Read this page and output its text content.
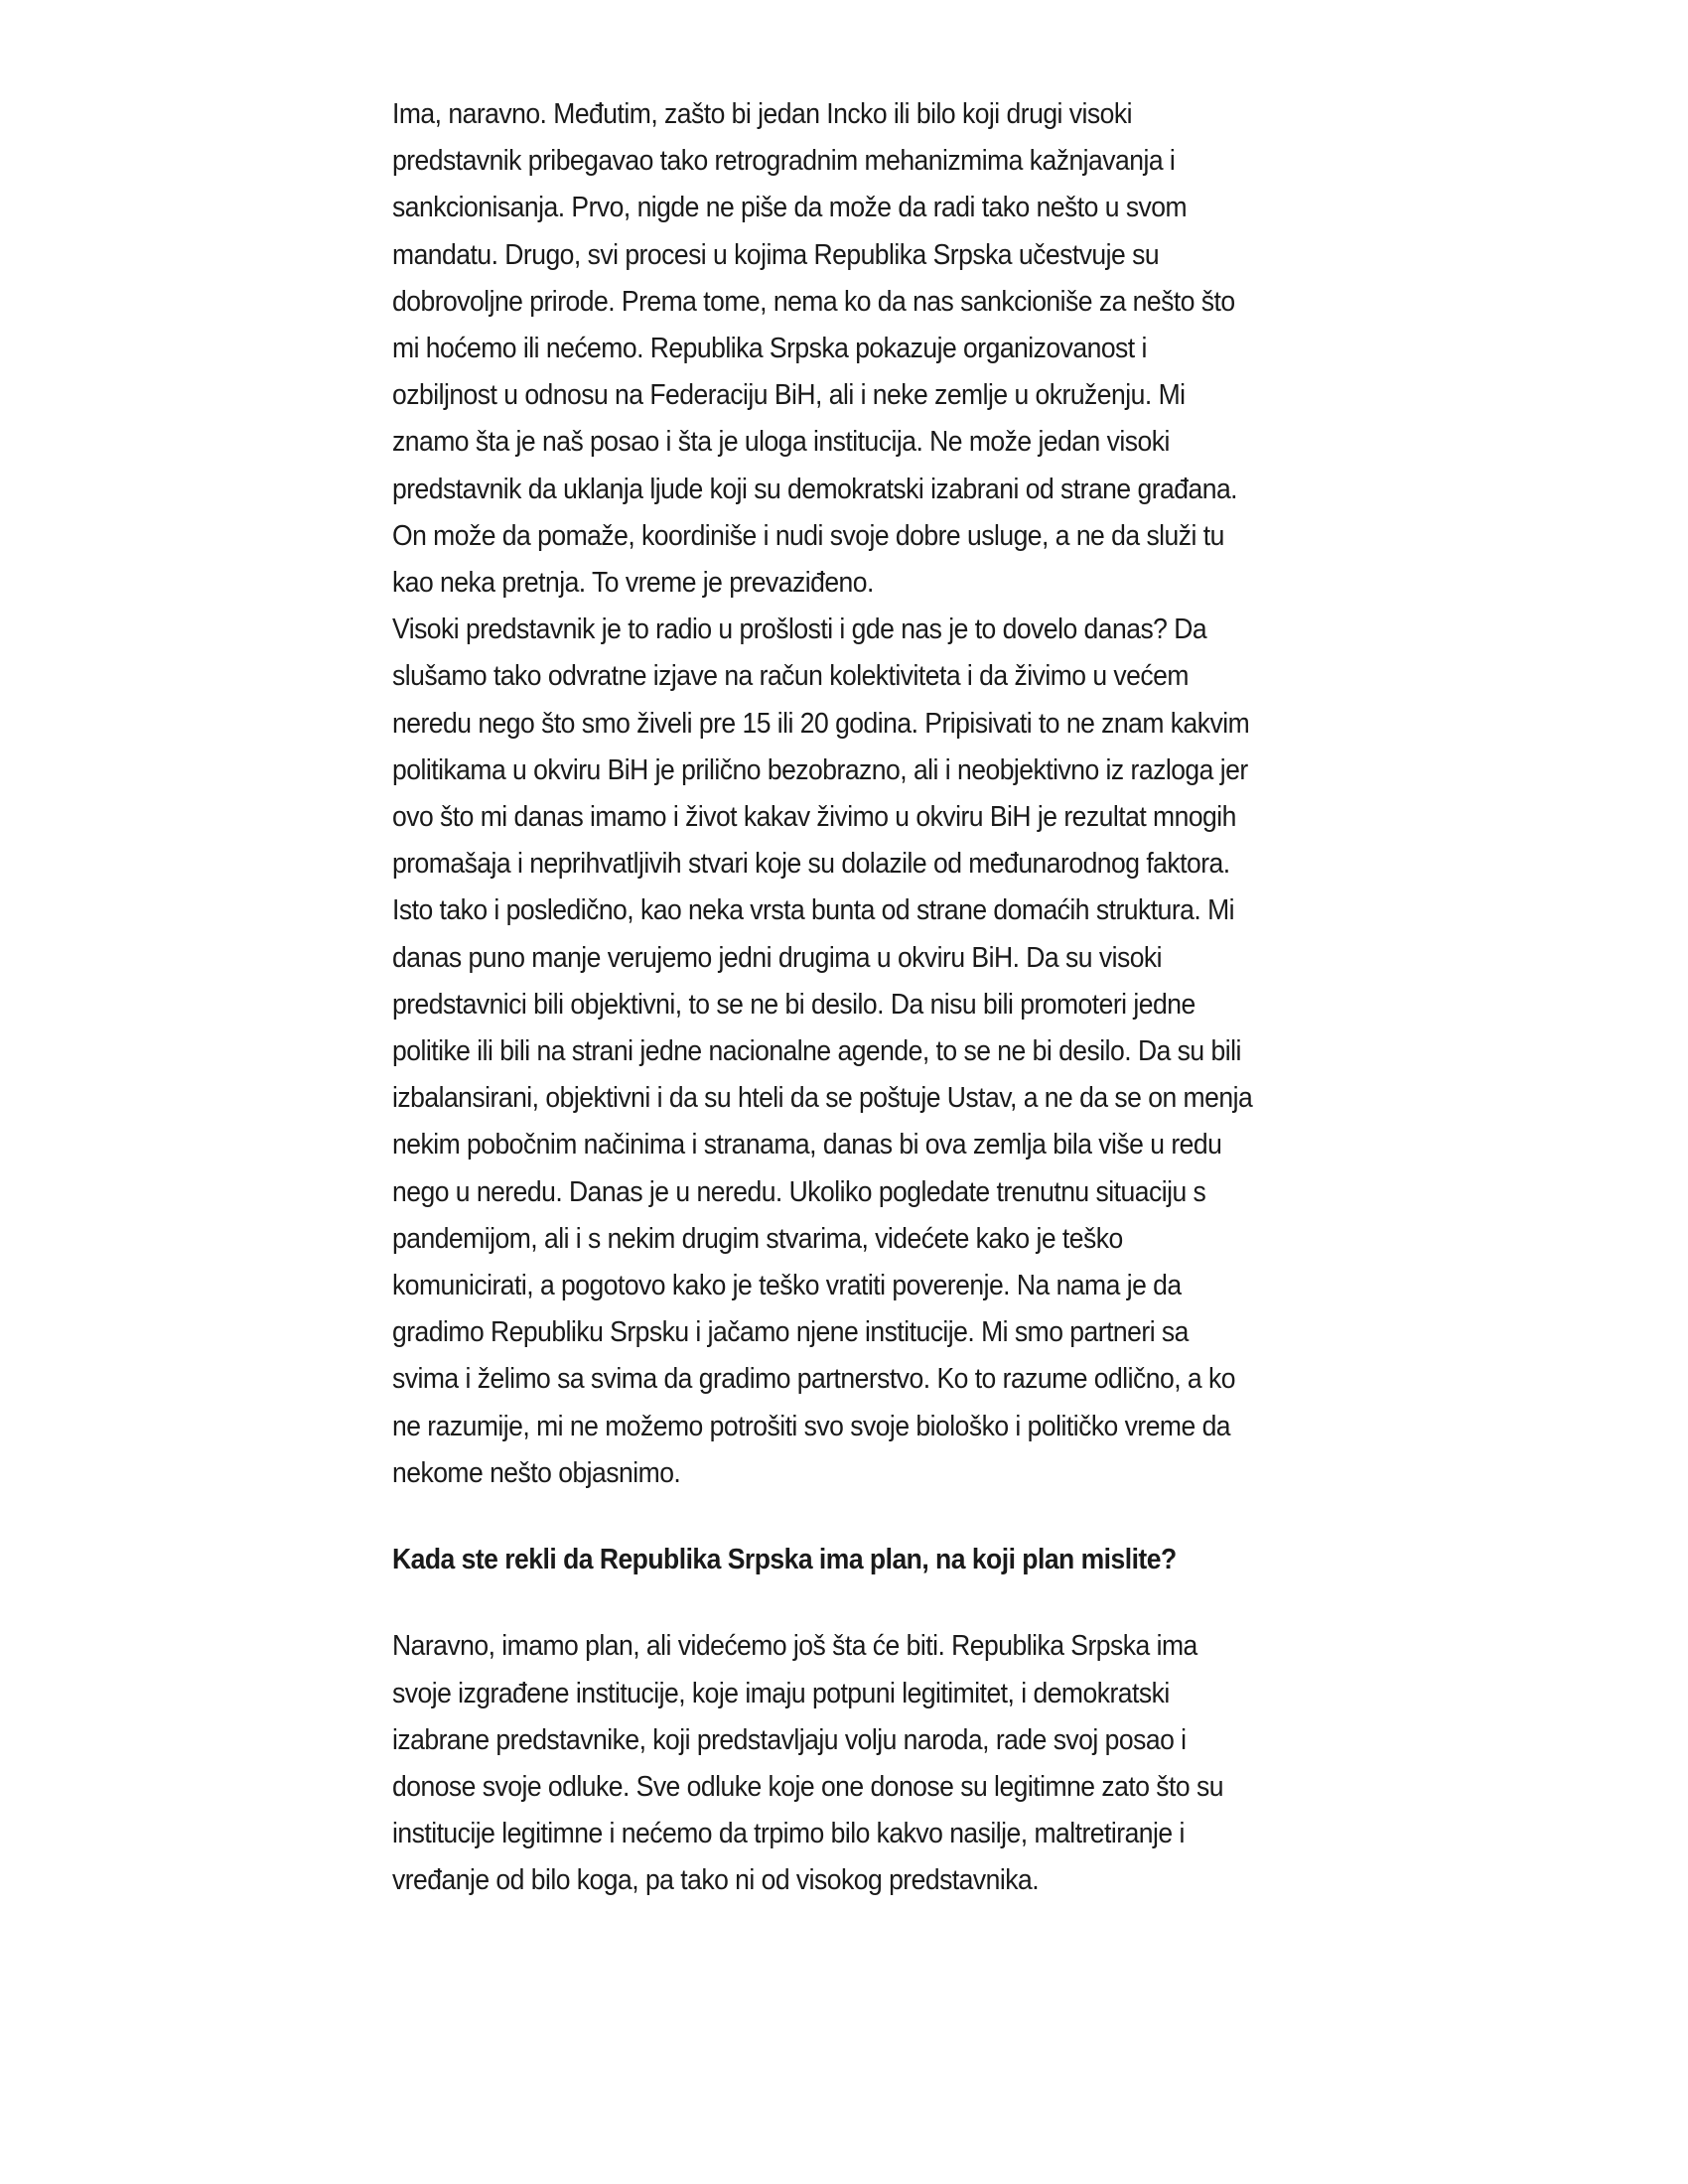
Ima, naravno. Međutim, zašto bi jedan Incko ili bilo koji drugi visoki
predstavnik pribegavao tako retrogradnim mehanizmima kažnjavanja i
sankcionisanja. Prvo, nigde ne piše da može da radi tako nešto u svom
mandatu. Drugo, svi procesi u kojima Republika Srpska učestvuje su
dobrovoljne prirode. Prema tome, nema ko da nas sankcioniše za nešto što
mi hoćemo ili nećemo. Republika Srpska pokazuje organizovanost i
ozbiljnost u odnosu na Federaciju BiH, ali i neke zemlje u okruženju. Mi
znamo šta je naš posao i šta je uloga institucija. Ne može jedan visoki
predstavnik da uklanja ljude koji su demokratski izabrani od strane građana.
On može da pomaže, koordiniše i nudi svoje dobre usluge, a ne da služi tu
kao neka pretnja. To vreme je prevaziđeno.
Visoki predstavnik je to radio u prošlosti i gde nas je to dovelo danas? Da
slušamo tako odvratne izjave na račun kolektiviteta i da živimo u većem
neredu nego što smo živeli pre 15 ili 20 godina. Pripisivati to ne znam kakvim
politikama u okviru BiH je prilično bezobrazno, ali i neobjektivno iz razloga jer
ovo što mi danas imamo i život kakav živimo u okviru BiH je rezultat mnogih
promašaja i neprihvatljivih stvari koje su dolazile od međunarodnog faktora.
Isto tako i posledično, kao neka vrsta bunta od strane domaćih struktura. Mi
danas puno manje verujemo jedni drugima u okviru BiH. Da su visoki
predstavnici bili objektivni, to se ne bi desilo. Da nisu bili promoteri jedne
politike ili bili na strani jedne nacionalne agende, to se ne bi desilo. Da su bili
izbalansirani, objektivni i da su hteli da se poštuje Ustav, a ne da se on menja
nekim pobočnim načinima i stranama, danas bi ova zemlja bila više u redu
nego u neredu. Danas je u neredu. Ukoliko pogledate trenutnu situaciju s
pandemijom, ali i s nekim drugim stvarima, videćete kako je teško
komunicirati, a pogotovo kako je teško vratiti poverenje. Na nama je da
gradimo Republiku Srpsku i jačamo njene institucije. Mi smo partneri sa
svima i želimo sa svima da gradimo partnerstvo. Ko to razume odlično, a ko
ne razumije, mi ne možemo potrošiti svo svoje biološko i političko vreme da
nekome nešto objasnimo.
Kada ste rekli da Republika Srpska ima plan, na koji plan mislite?
Naravno, imamo plan, ali videćemo još šta će biti. Republika Srpska ima
svoje izgrađene institucije, koje imaju potpuni legitimitet, i demokratski
izabrane predstavnike, koji predstavljaju volju naroda, rade svoj posao i
donose svoje odluke. Sve odluke koje one donose su legitimne zato što su
institucije legitimne i nećemo da trpimo bilo kakvo nasilje, maltretiranje i
vređanje od bilo koga, pa tako ni od visokog predstavnika.
